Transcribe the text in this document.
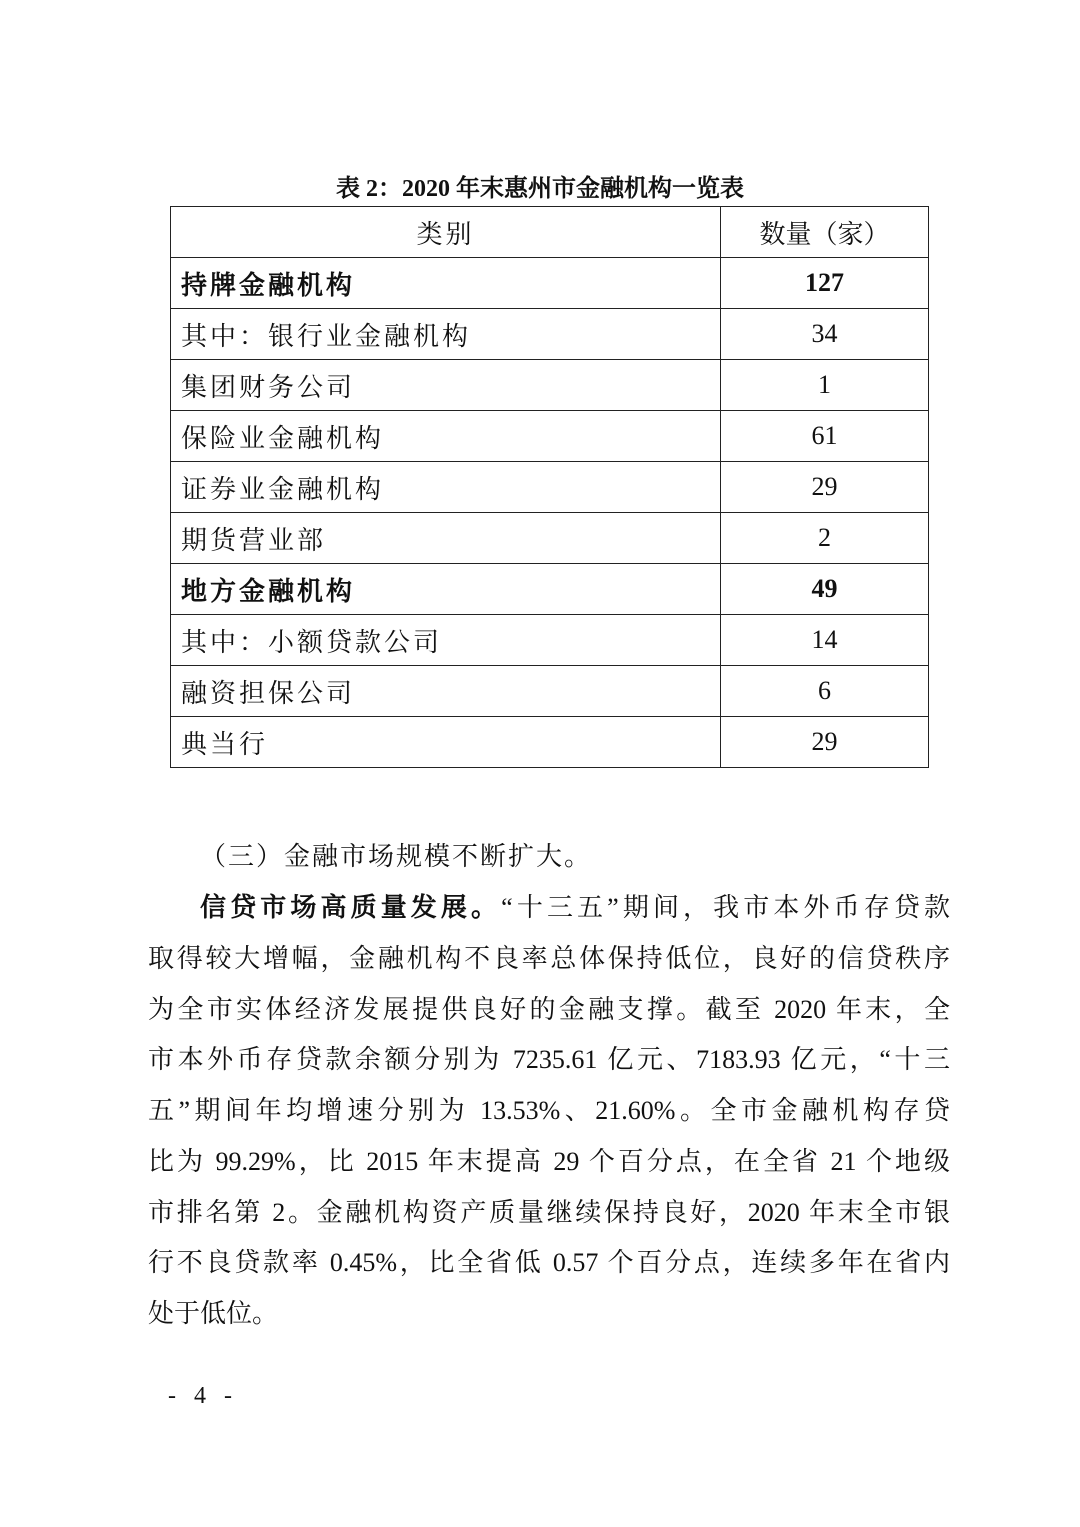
表 2：2020 年末惠州市金融机构一览表
类别	数量（家）
持牌金融机构	127
其中：银行业金融机构	34
集团财务公司	1
保险业金融机构	61
证券业金融机构	29
期货营业部	2
地方金融机构	49
其中：小额贷款公司	14
融资担保公司	6
典当行	29
（三）金融市场规模不断扩大。
信贷市场高质量发展。“十三五”期间，我市本外币存贷款
取得较大增幅，金融机构不良率总体保持低位，良好的信贷秩序
为全市实体经济发展提供良好的金融支撑。截至 2020 年末，全
市本外币存贷款余额分别为 7235.61 亿元、7183.93 亿元，“十三
五”期间年均增速分别为 13.53%、21.60%。全市金融机构存贷
比为 99.29%，比 2015 年末提高 29 个百分点，在全省 21 个地级
市排名第 2。金融机构资产质量继续保持良好，2020 年末全市银
行不良贷款率 0.45%，比全省低 0.57 个百分点，连续多年在省内
处于低位。
- 4 -
